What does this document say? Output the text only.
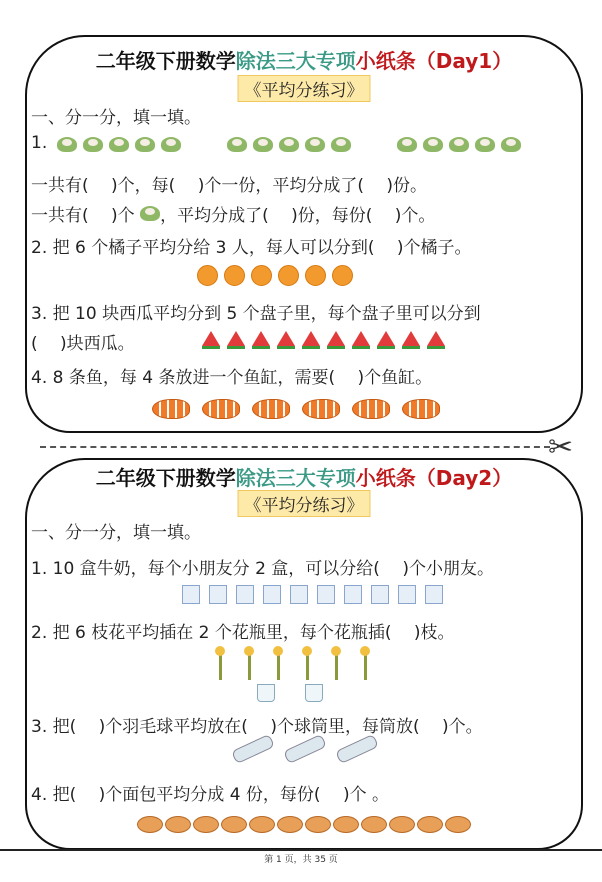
二年级下册数学除法三大专项小纸条（Day1）
《平均分练习》
一、分一分，填一填。
1.
一共有(　 )个，每(　 )个一份，平均分成了(　 )份。
一共有(　 )个 ，平均分成了(　 )份，每份(　 )个。
2. 把 6 个橘子平均分给 3 人，每人可以分到(　 )个橘子。
3. 把 10 块西瓜平均分到 5 个盘子里，每个盘子里可以分到
(　 )块西瓜。
4. 8 条鱼，每 4 条放进一个鱼缸，需要(　 )个鱼缸。
✂
二年级下册数学除法三大专项小纸条（Day2）
《平均分练习》
一、分一分，填一填。
1. 10 盒牛奶，每个小朋友分 2 盒，可以分给(　 )个小朋友。
2. 把 6 枝花平均插在 2 个花瓶里，每个花瓶插(　 )枝。
3. 把(　 )个羽毛球平均放在(　 )个球筒里，每筒放(　 )个。
4. 把(　 )个面包平均分成 4 份，每份(　 )个 。
第 1 页，共 35 页
